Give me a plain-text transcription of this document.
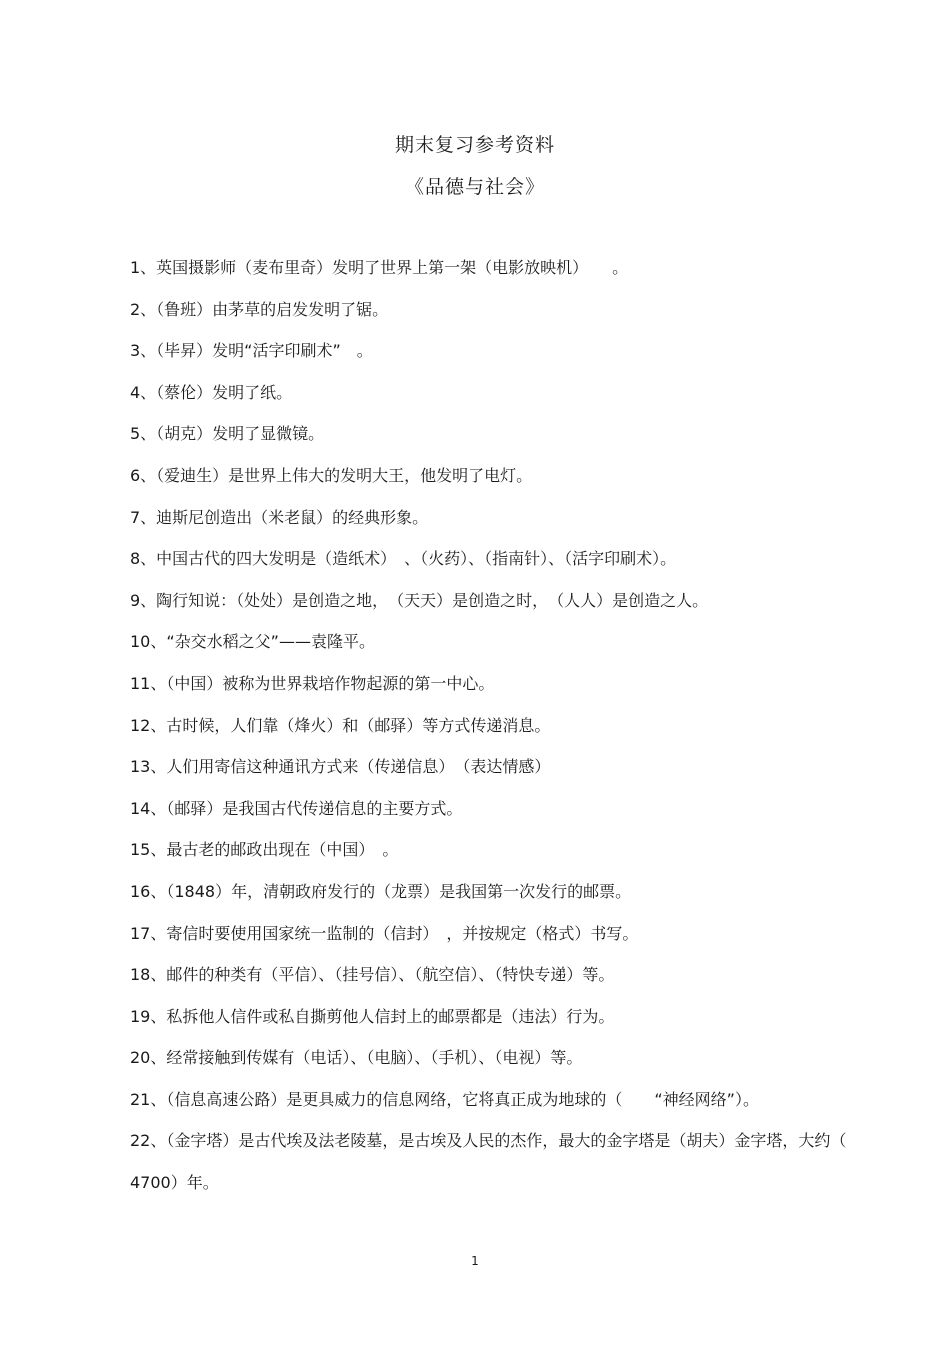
期末复习参考资料
《品德与社会》
1、英国摄影师（麦布里奇）发明了世界上第一架（电影放映机）　　。
2、（鲁班）由茅草的启发发明了锯。
3、（毕昇）发明“活字印刷术”　。
4、（蔡伦）发明了纸。
5、（胡克）发明了显微镜。
6、（爱迪生）是世界上伟大的发明大王，他发明了电灯。
7、迪斯尼创造出（米老鼠）的经典形象。
8、中国古代的四大发明是（造纸术）　、（火药）、（指南针）、（活字印刷术）。
9、陶行知说：（处处）是创造之地，　（天天）是创造之时，　（人人）是创造之人。
10、“杂交水稻之父”——袁隆平。
11、（中国）被称为世界栽培作物起源的第一中心。
12、古时候，人们靠（烽火）和（邮驿）等方式传递消息。
13、人们用寄信这种通讯方式来（传递信息）　（表达情感）
14、（邮驿）是我国古代传递信息的主要方式。
15、最古老的邮政出现在（中国）　。
16、（1848）年，清朝政府发行的（龙票）是我国第一次发行的邮票。
17、寄信时要使用国家统一监制的（信封）　，并按规定（格式）书写。
18、邮件的种类有（平信）、（挂号信）、（航空信）、（特快专递）等。
19、私拆他人信件或私自撕剪他人信封上的邮票都是（违法）行为。
20、经常接触到传媒有（电话）、（电脑）、（手机）、（电视）等。
21、（信息高速公路）是更具威力的信息网络，它将真正成为地球的（　　“神经网络”）。
22、（金字塔）是古代埃及法老陵墓，是古埃及人民的杰作，最大的金字塔是（胡夫）金字塔，大约（ 4700）年。
1
